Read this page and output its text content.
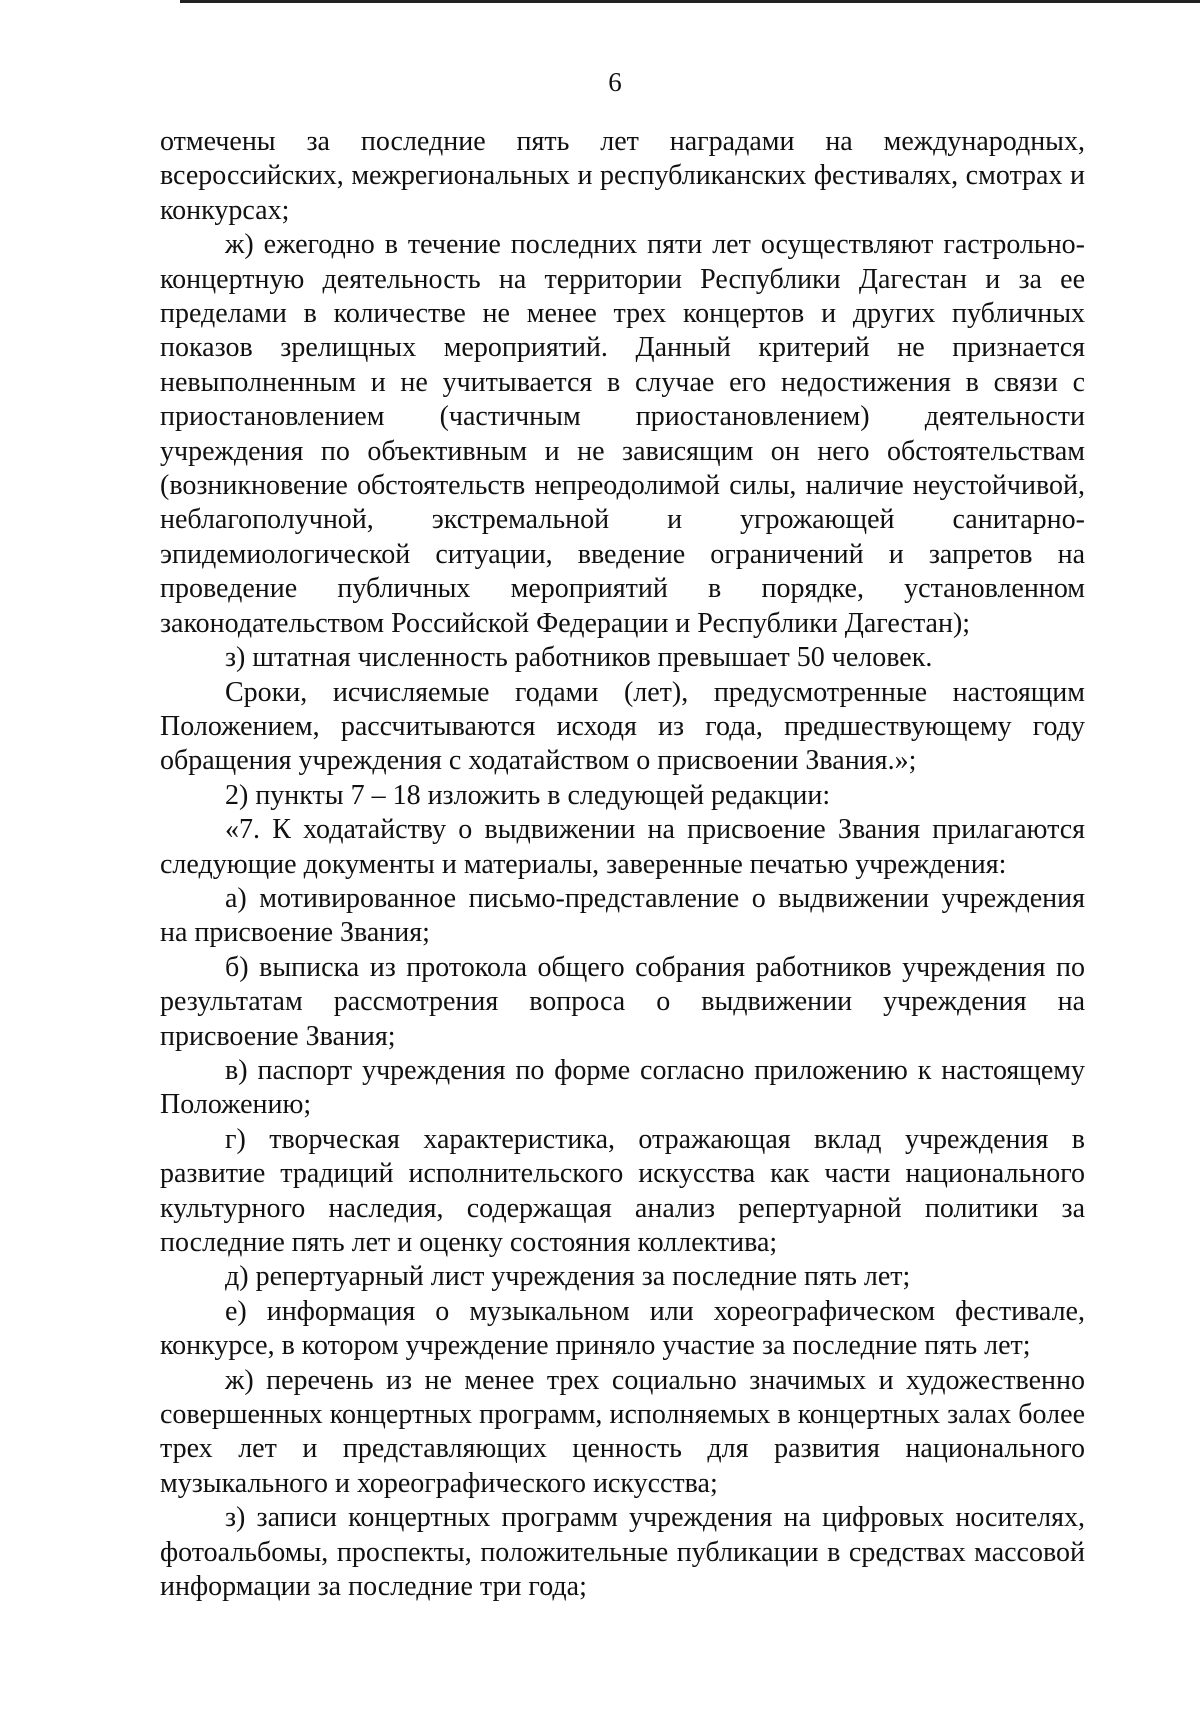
6

отмечены за последние пять лет наградами на международных, всероссийских, межрегиональных и республиканских фестивалях, смотрах и конкурсах;

ж) ежегодно в течение последних пяти лет осуществляют гастрольно-концертную деятельность на территории Республики Дагестан и за ее пределами в количестве не менее трех концертов и других публичных показов зрелищных мероприятий. Данный критерий не признается невыполненным и не учитывается в случае его недостижения в связи с приостановлением (частичным приостановлением) деятельности учреждения по объективным и не зависящим он него обстоятельствам (возникновение обстоятельств непреодолимой силы, наличие неустойчивой, неблагополучной, экстремальной и угрожающей санитарно-эпидемиологической ситуации, введение ограничений и запретов на проведение публичных мероприятий в порядке, установленном законодательством Российской Федерации и Республики Дагестан);

з) штатная численность работников превышает 50 человек.

Сроки, исчисляемые годами (лет), предусмотренные настоящим Положением, рассчитываются исходя из года, предшествующему году обращения учреждения с ходатайством о присвоении Звания.»;

2) пункты 7 – 18 изложить в следующей редакции:

«7. К ходатайству о выдвижении на присвоение Звания прилагаются следующие документы и материалы, заверенные печатью учреждения:

а) мотивированное письмо-представление о выдвижении учреждения на присвоение Звания;

б) выписка из протокола общего собрания работников учреждения по результатам рассмотрения вопроса о выдвижении учреждения на присвоение Звания;

в) паспорт учреждения по форме согласно приложению к настоящему Положению;

г) творческая характеристика, отражающая вклад учреждения в развитие традиций исполнительского искусства как части национального культурного наследия, содержащая анализ репертуарной политики за последние пять лет и оценку состояния коллектива;

д) репертуарный лист учреждения за последние пять лет;

е) информация о музыкальном или хореографическом фестивале, конкурсе, в котором учреждение приняло участие за последние пять лет;

ж) перечень из не менее трех социально значимых и художественно совершенных концертных программ, исполняемых в концертных залах более трех лет и представляющих ценность для развития национального музыкального и хореографического искусства;

з) записи концертных программ учреждения на цифровых носителях, фотоальбомы, проспекты, положительные публикации в средствах массовой информации за последние три года;
